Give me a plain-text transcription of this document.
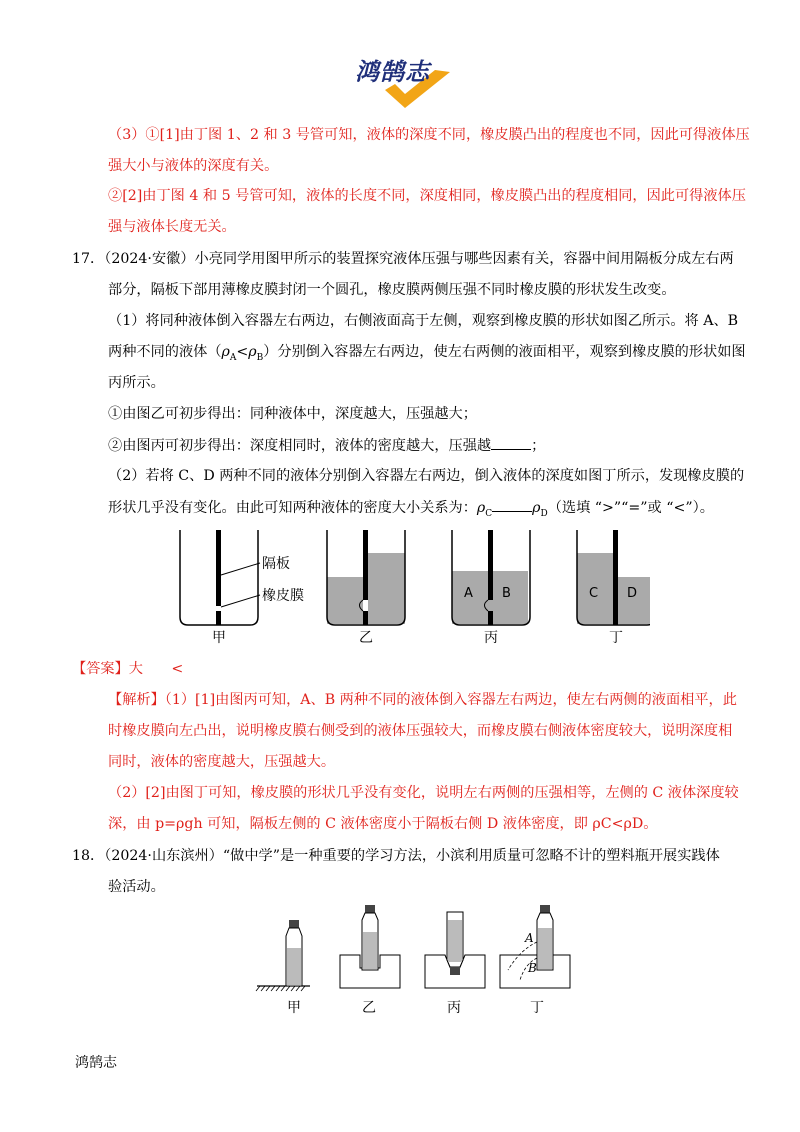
鸿鹄志
（3）①[1]由丁图 1、2 和 3 号管可知，液体的深度不同，橡皮膜凸出的程度也不同，因此可得液体压
强大小与液体的深度有关。
②[2]由丁图 4 和 5 号管可知，液体的长度不同，深度相同，橡皮膜凸出的程度相同，因此可得液体压
强与液体长度无关。
17．（2024·安徽）小亮同学用图甲所示的装置探究液体压强与哪些因素有关，容器中间用隔板分成左右两
部分，隔板下部用薄橡皮膜封闭一个圆孔，橡皮膜两侧压强不同时橡皮膜的形状发生改变。
（1）将同种液体倒入容器左右两边，右侧液面高于左侧，观察到橡皮膜的形状如图乙所示。将 A、B
两种不同的液体$(\rho_A<\rho_B)$分别倒入容器左右两边，使左右两侧的液面相平，观察到橡皮膜的形状如图
丙所示。
①由图乙可初步得出：同种液体中，深度越大，压强越大；
②由图丙可初步得出：深度相同时，液体的密度越大，压强越	；
（2）若将 C、D 两种不同的液体分别倒入容器左右两边，倒入液体的深度如图丁所示，发现橡皮膜的
形状几乎没有变化。由此可知两种液体的密度大小关系为：$\rho_C$	$\rho_D$（选填 “>”“=”或 “<”）。
隔板
橡皮膜
甲	乙
A B
丙
C D
丁
【答案】大　　<
【解析】（1）[1]由图丙可知，A、B 两种不同的液体倒入容器左右两边，使左右两侧的液面相平，此
时橡皮膜向左凸出，说明橡皮膜右侧受到的液体压强较大，而橡皮膜右侧液体密度较大，说明深度相
同时，液体的密度越大，压强越大。
（2）[2]由图丁可知，橡皮膜的形状几乎没有变化，说明左右两侧的压强相等，左侧的 C 液体深度较
深，由 p=ρgh 可知，隔板左侧的 C 液体密度小于隔板右侧 D 液体密度，即 ρC<ρD。
18．（2024·山东滨州）“做中学”是一种重要的学习方法，小滨利用质量可忽略不计的塑料瓶开展实践体
验活动。
甲	乙	丙
A
B
丁
鸿鹄志
